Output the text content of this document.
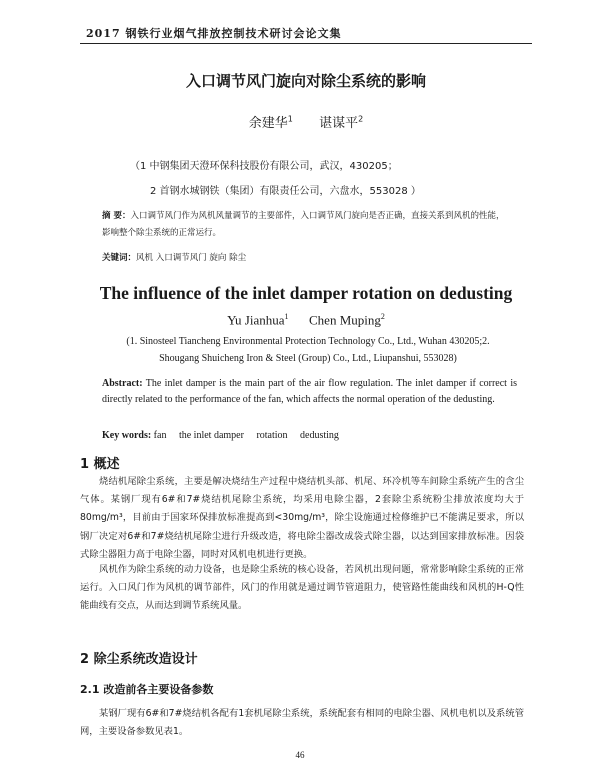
2017 钢铁行业烟气排放控制技术研讨会论文集
入口调节风门旋向对除尘系统的影响
余建华$^1$ 谌谋平$^2$
（1 中钢集团天澄环保科技股份有限公司，武汉，430205；
2 首钢水城钢铁（集团）有限责任公司，六盘水，553028 ）
摘 要：入口调节风门作为风机风量调节的主要部件，入口调节风门旋向是否正确，直接关系到风机的性能，影响整个除尘系统的正常运行。
关键词：风机 入口调节风门 旋向 除尘
The influence of the inlet damper rotation on dedusting
Yu Jianhua$^1$ Chen Muping$^2$
(1. Sinosteel Tiancheng Environmental Protection Technology Co., Ltd., Wuhan 430205;2. Shougang Shuicheng Iron & Steel (Group) Co., Ltd., Liupanshui, 553028)
Abstract: The inlet damper is the main part of the air flow regulation. The inlet damper if correct is directly related to the performance of the fan, which affects the normal operation of the dedusting.
Key words: fan the inlet damper rotation dedusting
1 概述
烧结机尾除尘系统，主要是解决烧结生产过程中烧结机头部、机尾、环冷机等车间除尘系统产生的含尘气体。某钢厂现有6#和7#烧结机尾除尘系统，均采用电除尘器，2套除尘系统粉尘排放浓度均大于80mg/m³，目前由于国家环保排放标准提高到<30mg/m³，除尘设施通过检修维护已不能满足要求，所以钢厂决定对6#和7#烧结机尾除尘进行升级改造，将电除尘器改成袋式除尘器，以达到国家排放标准。因袋式除尘器阻力高于电除尘器，同时对风机电机进行更换。
风机作为除尘系统的动力设备，也是除尘系统的核心设备，若风机出现问题，常常影响除尘系统的正常运行。入口风门作为风机的调节部件，风门的作用就是通过调节管道阻力，使管路性能曲线和风机的H-Q性能曲线有交点，从而达到调节系统风量。
2 除尘系统改造设计
2.1 改造前各主要设备参数
某钢厂现有6#和7#烧结机各配有1套机尾除尘系统，系统配套有相同的电除尘器、风机电机以及系统管网，主要设备参数见表1。
46
